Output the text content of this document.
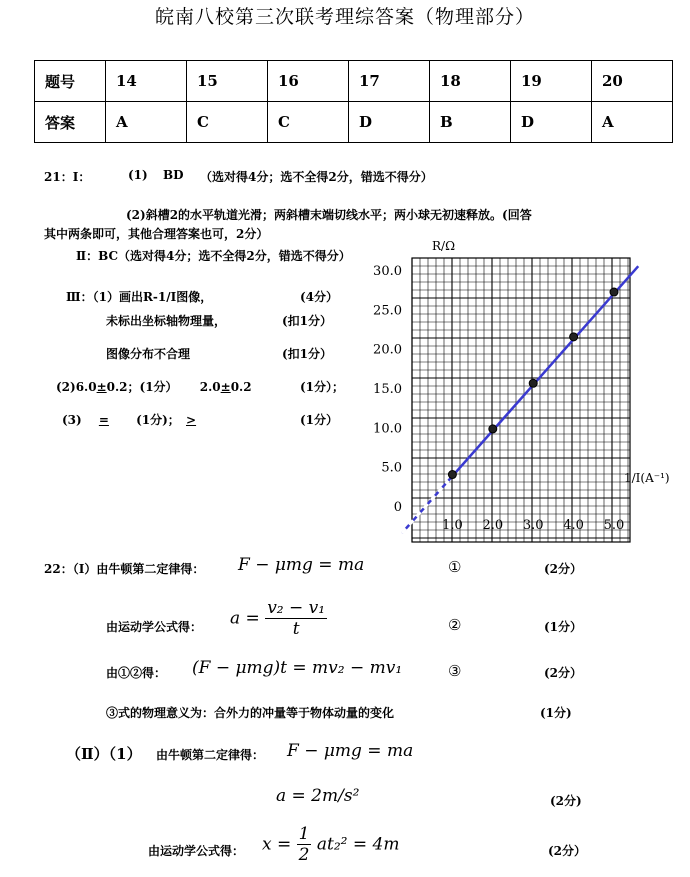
皖南八校第三次联考理综答案（物理部分）
题号	14	15	16	17	18	19	20
答案	A	C	C	D	B	D	A
21：Ⅰ：	(1) BD （选对得4分；选不全得2分，错选不得分）
(2)斜槽2的水平轨道光滑；两斜槽末端切线水平；两小球无初速释放。(回答
其中两条即可，其他合理答案也可，2分）
Ⅱ：BC（选对得4分；选不全得2分，错选不得分）
Ⅲ：（1）画出R-1/I图像，	(4分）
未标出坐标轴物理量，	(扣1分）
图像分布不合理	(扣1分）
(2)6.0±0.2；(1分） 2.0±0.2	(1分）；
(3) = (1分)； >	(1分）
0
5.0
10.0
15.0
20.0
25.0
30.0
1.0 2.0 3.0 4.0 5.0
R/Ω
1/I(A⁻¹)
22：（Ⅰ）由牛顿第二定律得： F − μmg = ma	①	(2分）
由运动学公式得： $a = \frac{\text{v₂ − v₁}}{t}$	②	(1分）
由①②得： (F − μmg)t = mv₂ − mv₁	③	(2分）
③式的物理意义为：合外力的冲量等于物体动量的变化	(1分)
（Ⅱ）（1） 由牛顿第二定律得： F − μmg = ma
a = 2m/s²	(2分)
由运动学公式得： $x = \frac{1}{2} at_2^2 = 4m$	(2分）
